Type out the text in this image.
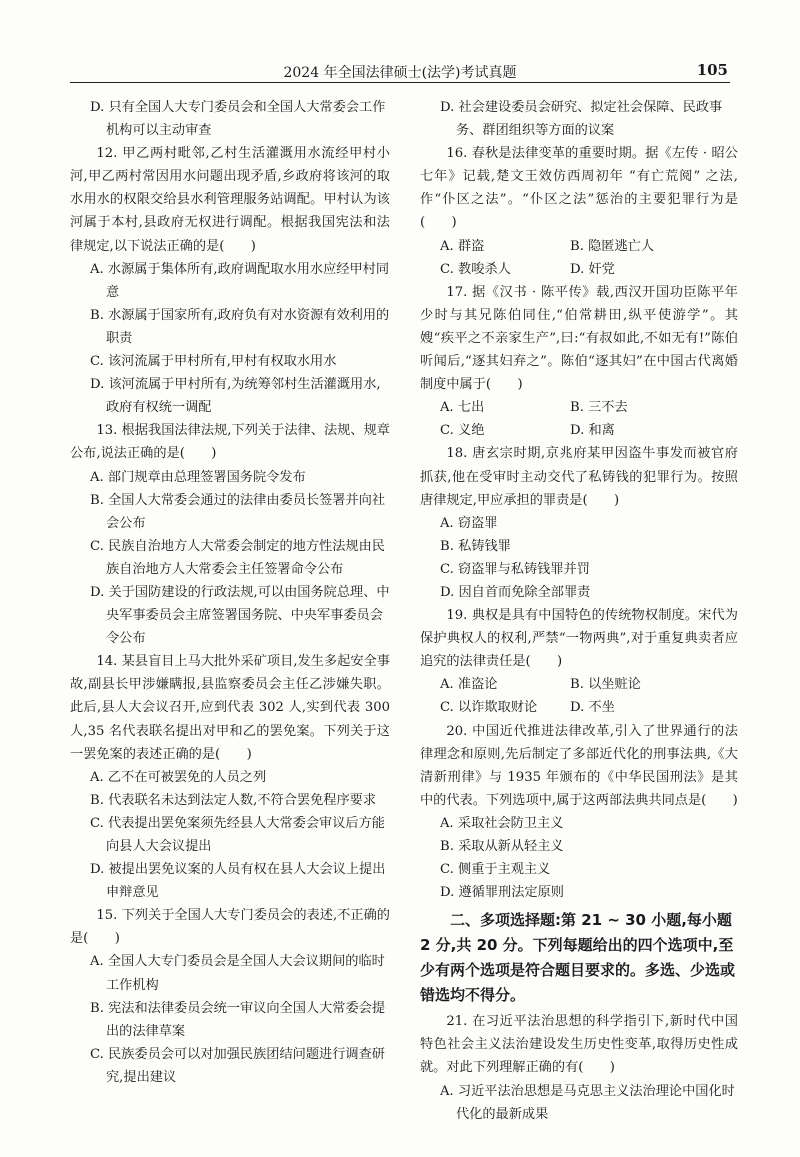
2024 年全国法律硕士(法学)考试真题	105

D. 只有全国人大专门委员会和全国人大常委会工作机构可以主动审查

12. 甲乙两村毗邻,乙村生活灌溉用水流经甲村小河,甲乙两村常因用水问题出现矛盾,乡政府将该河的取水用水的权限交给县水利管理服务站调配。甲村认为该河属于本村,县政府无权进行调配。根据我国宪法和法律规定,以下说法正确的是(　　)

A. 水源属于集体所有,政府调配取水用水应经甲村同意

B. 水源属于国家所有,政府负有对水资源有效利用的职责

C. 该河流属于甲村所有,甲村有权取水用水

D. 该河流属于甲村所有,为统筹邻村生活灌溉用水,政府有权统一调配

13. 根据我国法律法规,下列关于法律、法规、规章公布,说法正确的是(　　)

A. 部门规章由总理签署国务院令发布

B. 全国人大常委会通过的法律由委员长签署并向社会公布

C. 民族自治地方人大常委会制定的地方性法规由民族自治地方人大常委会主任签署命令公布

D. 关于国防建设的行政法规,可以由国务院总理、中央军事委员会主席签署国务院、中央军事委员会令公布

14. 某县盲目上马大批外采矿项目,发生多起安全事故,副县长甲涉嫌瞒报,县监察委员会主任乙涉嫌失职。此后,县人大会议召开,应到代表 302 人,实到代表 300 人,35 名代表联名提出对甲和乙的罢免案。下列关于这一罢免案的表述正确的是(　　)

A. 乙不在可被罢免的人员之列

B. 代表联名未达到法定人数,不符合罢免程序要求

C. 代表提出罢免案须先经县人大常委会审议后方能向县人大会议提出

D. 被提出罢免议案的人员有权在县人大会议上提出申辩意见

15. 下列关于全国人大专门委员会的表述,不正确的是(　　)

A. 全国人大专门委员会是全国人大会议期间的临时工作机构

B. 宪法和法律委员会统一审议向全国人大常委会提出的法律草案

C. 民族委员会可以对加强民族团结问题进行调查研究,提出建议

D. 社会建设委员会研究、拟定社会保障、民政事务、群团组织等方面的议案

16. 春秋是法律变革的重要时期。据《左传 · 昭公七年》记载,楚文王效仿西周初年 “有亡荒阅” 之法,作“仆区之法”。“仆区之法”惩治的主要犯罪行为是(　　)

A. 群盗	B. 隐匿逃亡人
C. 教唆杀人	D. 奸党

17. 据《汉书 · 陈平传》载,西汉开国功臣陈平年少时与其兄陈伯同住,“伯常耕田,纵平使游学”。其嫂“疾平之不亲家生产”,曰:“有叔如此,不如无有!”陈伯听闻后,“逐其妇弃之”。陈伯“逐其妇”在中国古代离婚制度中属于(　　)

A. 七出	B. 三不去
C. 义绝	D. 和离

18. 唐玄宗时期,京兆府某甲因盗牛事发而被官府抓获,他在受审时主动交代了私铸钱的犯罪行为。按照唐律规定,甲应承担的罪责是(　　)

A. 窃盗罪

B. 私铸钱罪

C. 窃盗罪与私铸钱罪并罚

D. 因自首而免除全部罪责

19. 典权是具有中国特色的传统物权制度。宋代为保护典权人的权利,严禁“一物两典”,对于重复典卖者应追究的法律责任是(　　)

A. 准盗论	B. 以坐赃论
C. 以诈欺取财论	D. 不坐

20. 中国近代推进法律改革,引入了世界通行的法律理念和原则,先后制定了多部近代化的刑事法典,《大清新刑律》与 1935 年颁布的《中华民国刑法》是其中的代表。下列选项中,属于这两部法典共同点是(　　)

A. 采取社会防卫主义

B. 采取从新从轻主义

C. 侧重于主观主义

D. 遵循罪刑法定原则

二、多项选择题:第 21 ~ 30 小题,每小题 2 分,共 20 分。下列每题给出的四个选项中,至少有两个选项是符合题目要求的。多选、少选或错选均不得分。

21. 在习近平法治思想的科学指引下,新时代中国特色社会主义法治建设发生历史性变革,取得历史性成就。对此下列理解正确的有(　　)

A. 习近平法治思想是马克思主义法治理论中国化时代化的最新成果
